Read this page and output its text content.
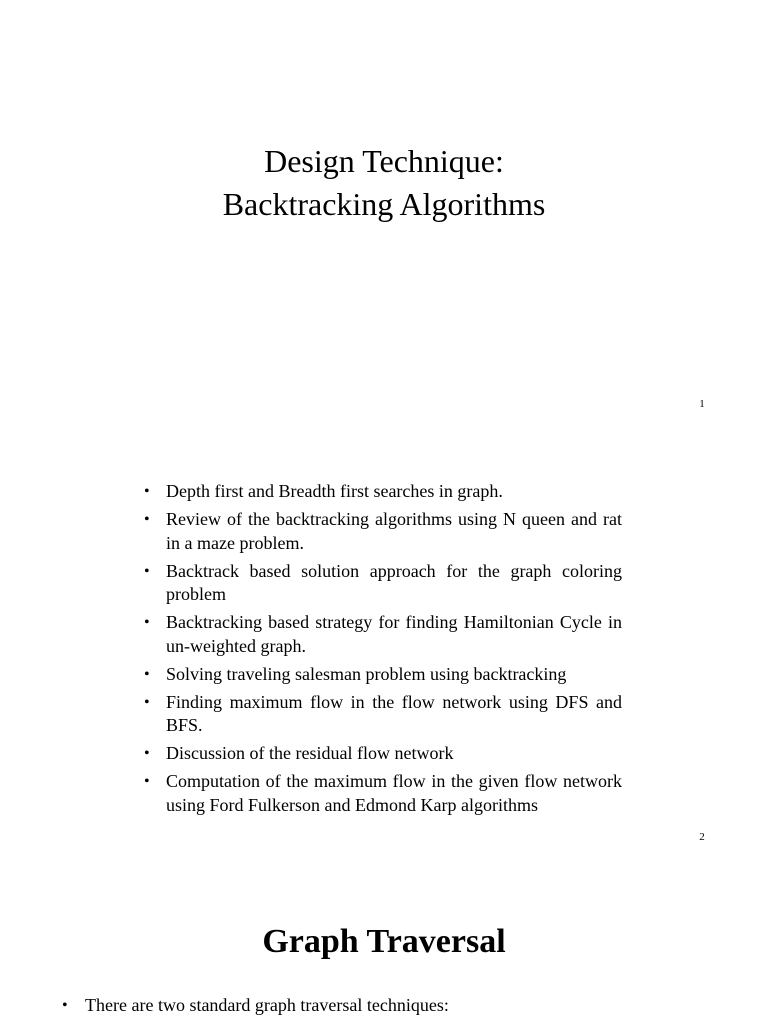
Design Technique:
Backtracking Algorithms
1
• Depth first and Breadth first searches in graph.
• Review of the backtracking algorithms using N queen and rat in a maze problem.
• Backtrack based solution approach for the graph coloring problem
• Backtracking based strategy for finding Hamiltonian Cycle in un-weighted graph.
• Solving traveling salesman problem using backtracking
• Finding maximum flow in the flow network using DFS and BFS.
• Discussion of the residual flow network
• Computation of the maximum flow in the given flow network using Ford Fulkerson and Edmond Karp algorithms
2
Graph Traversal
• There are two standard graph traversal techniques:
